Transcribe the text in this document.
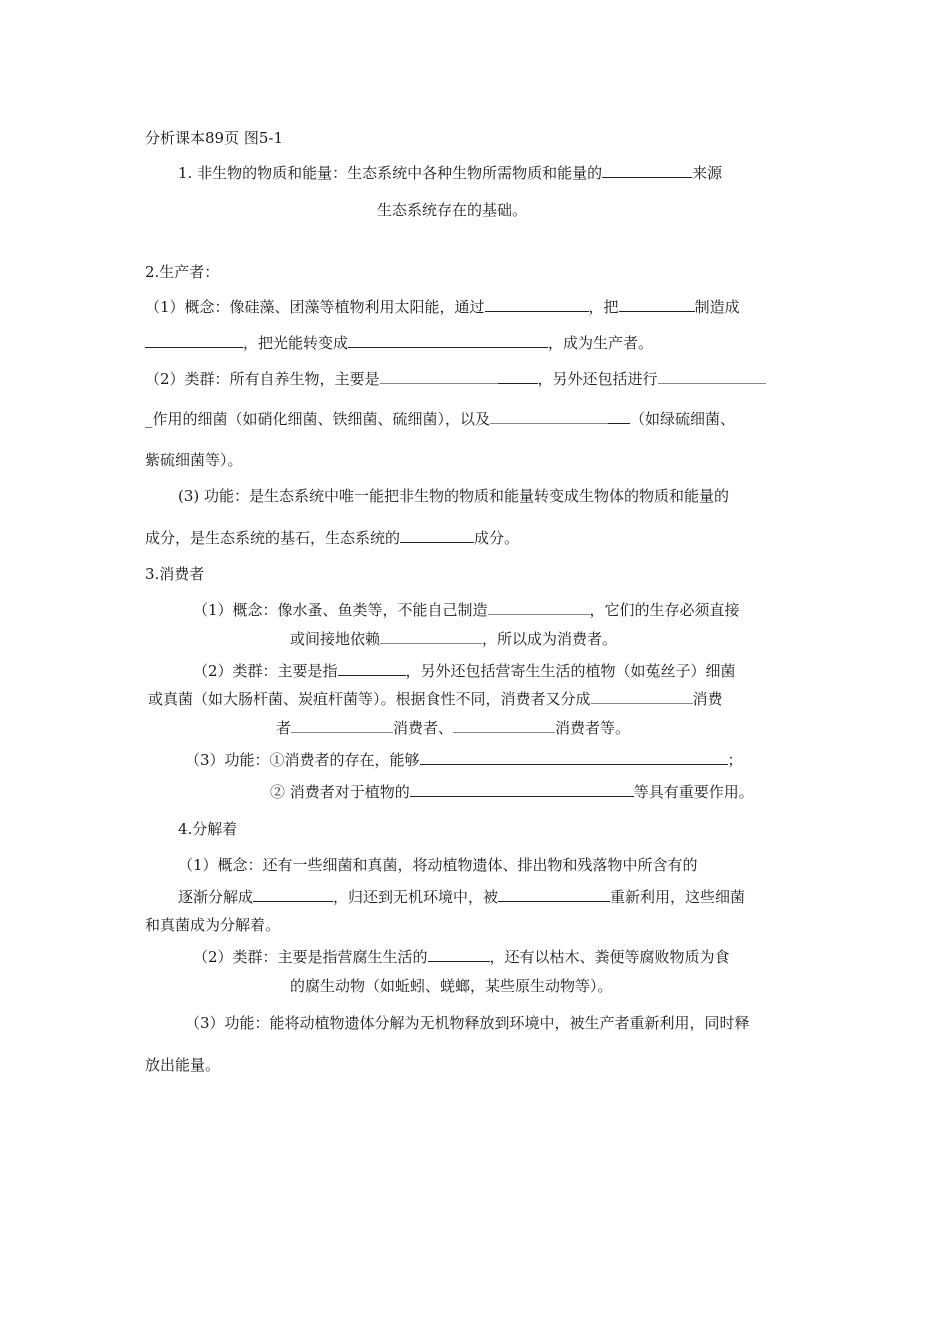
分析课本89页 图5-1
1. 非生物的物质和能量：生态系统中各种生物所需物质和能量的	来源
生态系统存在的基础。
2.生产者：
（1）概念：像硅藻、团藻等植物利用太阳能，通过	，把	制造成
，把光能转变成	，成为生产者。
（2）类群：所有自养生物，主要是	，另外还包括进行
_作用的细菌（如硝化细菌、铁细菌、硫细菌），以及	（如绿硫细菌、
紫硫细菌等）。
(3) 功能：是生态系统中唯一能把非生物的物质和能量转变成生物体的物质和能量的
成分，是生态系统的基石，生态系统的	成分。
3.消费者
（1）概念：像水蚤、鱼类等，不能自己制造	，它们的生存必须直接
或间接地依赖	，所以成为消费者。
（2）类群：主要是指	，另外还包括营寄生生活的植物（如菟丝子）细菌
或真菌（如大肠杆菌、炭疽杆菌等）。根据食性不同，消费者又分成	消费
者	消费者、	消费者等。
（3）功能：①消费者的存在，能够	；
② 消费者对于植物的	等具有重要作用。
4.分解着
（1）概念：还有一些细菌和真菌，将动植物遗体、排出物和残落物中所含有的
逐渐分解成	，归还到无机环境中，被	重新利用，这些细菌
和真菌成为分解着。
（2）类群：主要是指营腐生生活的	，还有以枯木、粪便等腐败物质为食
的腐生动物（如蚯蚓、蜣螂，某些原生动物等）。
（3）功能：能将动植物遗体分解为无机物释放到环境中，被生产者重新利用，同时释
放出能量。
